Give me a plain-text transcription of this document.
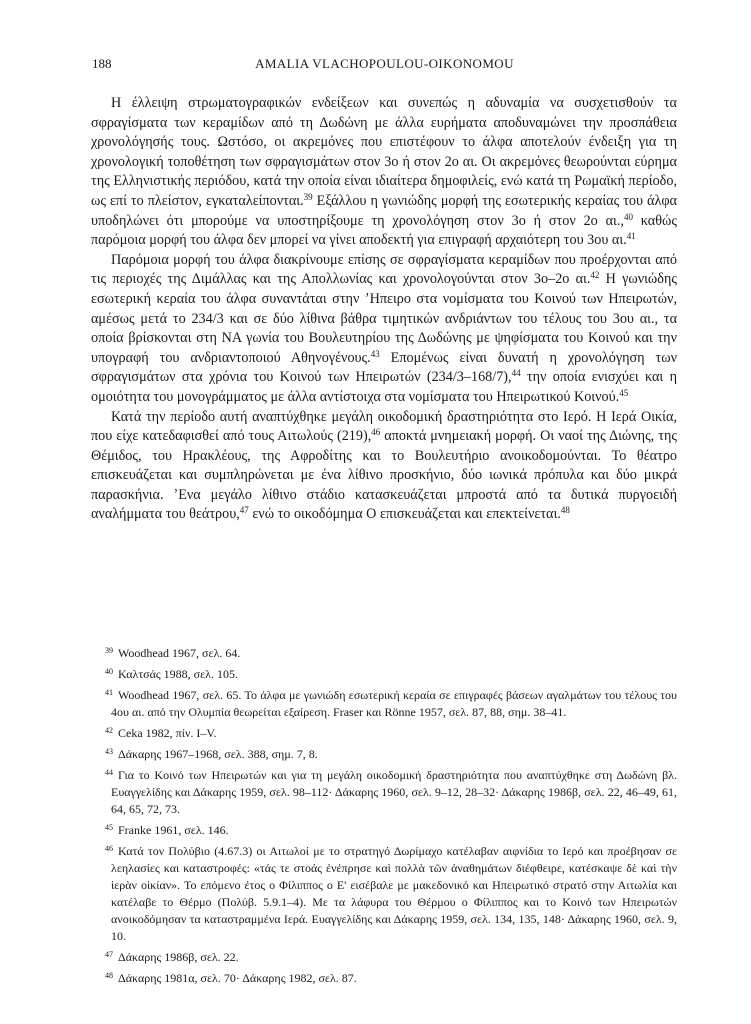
188	AMALIA VLACHOPOULOU-OIKONOMOU

Η έλλειψη στρωματογραφικών ενδείξεων και συνεπώς η αδυναμία να συσχετισθούν τα σφραγίσματα των κεραμίδων από τη Δωδώνη με άλλα ευρήματα αποδυναμώνει την προσπάθεια χρονολόγησής τους. Ωστόσο, οι ακρεμόνες που επιστέφουν το άλφα αποτελούν ένδειξη για τη χρονολογική τοποθέτηση των σφραγισμάτων στον 3ο ή στον 2ο αι. Οι ακρεμόνες θεωρούνται εύρημα της Ελληνιστικής περιόδου, κατά την οποία είναι ιδιαίτερα δημοφιλείς, ενώ κατά τη Ρωμαϊκή περίοδο, ως επί το πλείστον, εγκαταλείπονται.$^{39}$ Εξάλλου η γωνιώδης μορφή της εσωτερικής κεραίας του άλφα υποδηλώνει ότι μπορούμε να υποστηρίξουμε τη χρονολόγηση στον 3ο ή στον 2ο αι.,$^{40}$ καθώς παρόμοια μορφή του άλφα δεν μπορεί να γίνει αποδεκτή για επιγραφή αρχαιότερη του 3ου αι.$^{41}$

Παρόμοια μορφή του άλφα διακρίνουμε επίσης σε σφραγίσματα κεραμίδων που προέρχονται από τις περιοχές της Διμάλλας και της Απολλωνίας και χρονολογούνται στον 3ο–2ο αι.$^{42}$ Η γωνιώδης εσωτερική κεραία του άλφα συναντάται στην ʼΗπειρο στα νομίσματα του Κοινού των Ηπειρωτών, αμέσως μετά το 234/3 και σε δύο λίθινα βάθρα τιμητικών ανδριάντων του τέλους του 3ου αι., τα οποία βρίσκονται στη ΝΑ γωνία του Βουλευτηρίου της Δωδώνης με ψηφίσματα του Κοινού και την υπογραφή του ανδριαντοποιού Αθηνογένους.$^{43}$ Επομένως είναι δυνατή η χρονολόγηση των σφραγισμάτων στα χρόνια του Κοινού των Ηπειρωτών (234/3–168/7),$^{44}$ την οποία ενισχύει και η ομοιότητα του μονογράμματος με άλλα αντίστοιχα στα νομίσματα του Ηπειρωτικού Κοινού.$^{45}$

Κατά την περίοδο αυτή αναπτύχθηκε μεγάλη οικοδομική δραστηριότητα στο Ιερό. Η Ιερά Οικία, που είχε κατεδαφισθεί από τους Αιτωλούς (219),$^{46}$ αποκτά μνημειακή μορφή. Οι ναοί της Διώνης, της Θέμιδος, του Ηρακλέους, της Αφροδίτης και το Βουλευτήριο ανοικοδομούνται. Το θέατρο επισκευάζεται και συμπληρώνεται με ένα λίθινο προσκήνιο, δύο ιωνικά πρόπυλα και δύο μικρά παρασκήνια. ʼΕνα μεγάλο λίθινο στάδιο κατασκευάζεται μπροστά από τα δυτικά πυργοειδή αναλήμματα του θεάτρου,$^{47}$ ενώ το οικοδόμημα Ο επισκευάζεται και επεκτείνεται.$^{48}$

$^{39}$ Woodhead 1967, σελ. 64.

$^{40}$ Καλτσάς 1988, σελ. 105.

$^{41}$ Woodhead 1967, σελ. 65. Το άλφα με γωνιώδη εσωτερική κεραία σε επιγραφές βάσεων αγαλμάτων του τέλους του 4ου αι. από την Ολυμπία θεωρείται εξαίρεση. Fraser και Rönne 1957, σελ. 87, 88, σημ. 38–41.

$^{42}$ Ceka 1982, πίν. I–V.

$^{43}$ Δάκαρης 1967–1968, σελ. 388, σημ. 7, 8.

$^{44}$ Για το Κοινό των Ηπειρωτών και για τη μεγάλη οικοδομική δραστηριότητα που αναπτύχθηκε στη Δωδώνη βλ. Ευαγγελίδης και Δάκαρης 1959, σελ. 98–112· Δάκαρης 1960, σελ. 9–12, 28–32· Δάκαρης 1986β, σελ. 22, 46–49, 61, 64, 65, 72, 73.

$^{45}$ Franke 1961, σελ. 146.

$^{46}$ Κατά τον Πολύβιο (4.67.3) οι Αιτωλοί με το στρατηγό Δωρίμαχο κατέλαβαν αιφνίδια το Ιερό και προέβησαν σε λεηλασίες και καταστροφές: «τάς τε στοάς ἐνέπρησε καὶ πολλὰ τῶν ἀναθημάτων διέφθειρε, κατέσκαψε δὲ καὶ τὴν ἱερὰν οἰκίαν». Το επόμενο έτος ο Φίλιππος ο Ε' εισέβαλε με μακεδονικό και Ηπειρωτικό στρατό στην Αιτωλία και κατέλαβε το Θέρμο (Πολύβ. 5.9.1–4). Με τα λάφυρα του Θέρμου ο Φίλιππος και το Κοινό των Ηπειρωτών ανοικοδόμησαν τα καταστραμμένα Ιερά. Ευαγγελίδης και Δάκαρης 1959, σελ. 134, 135, 148· Δάκαρης 1960, σελ. 9, 10.

$^{47}$ Δάκαρης 1986β, σελ. 22.

$^{48}$ Δάκαρης 1981α, σελ. 70· Δάκαρης 1982, σελ. 87.
